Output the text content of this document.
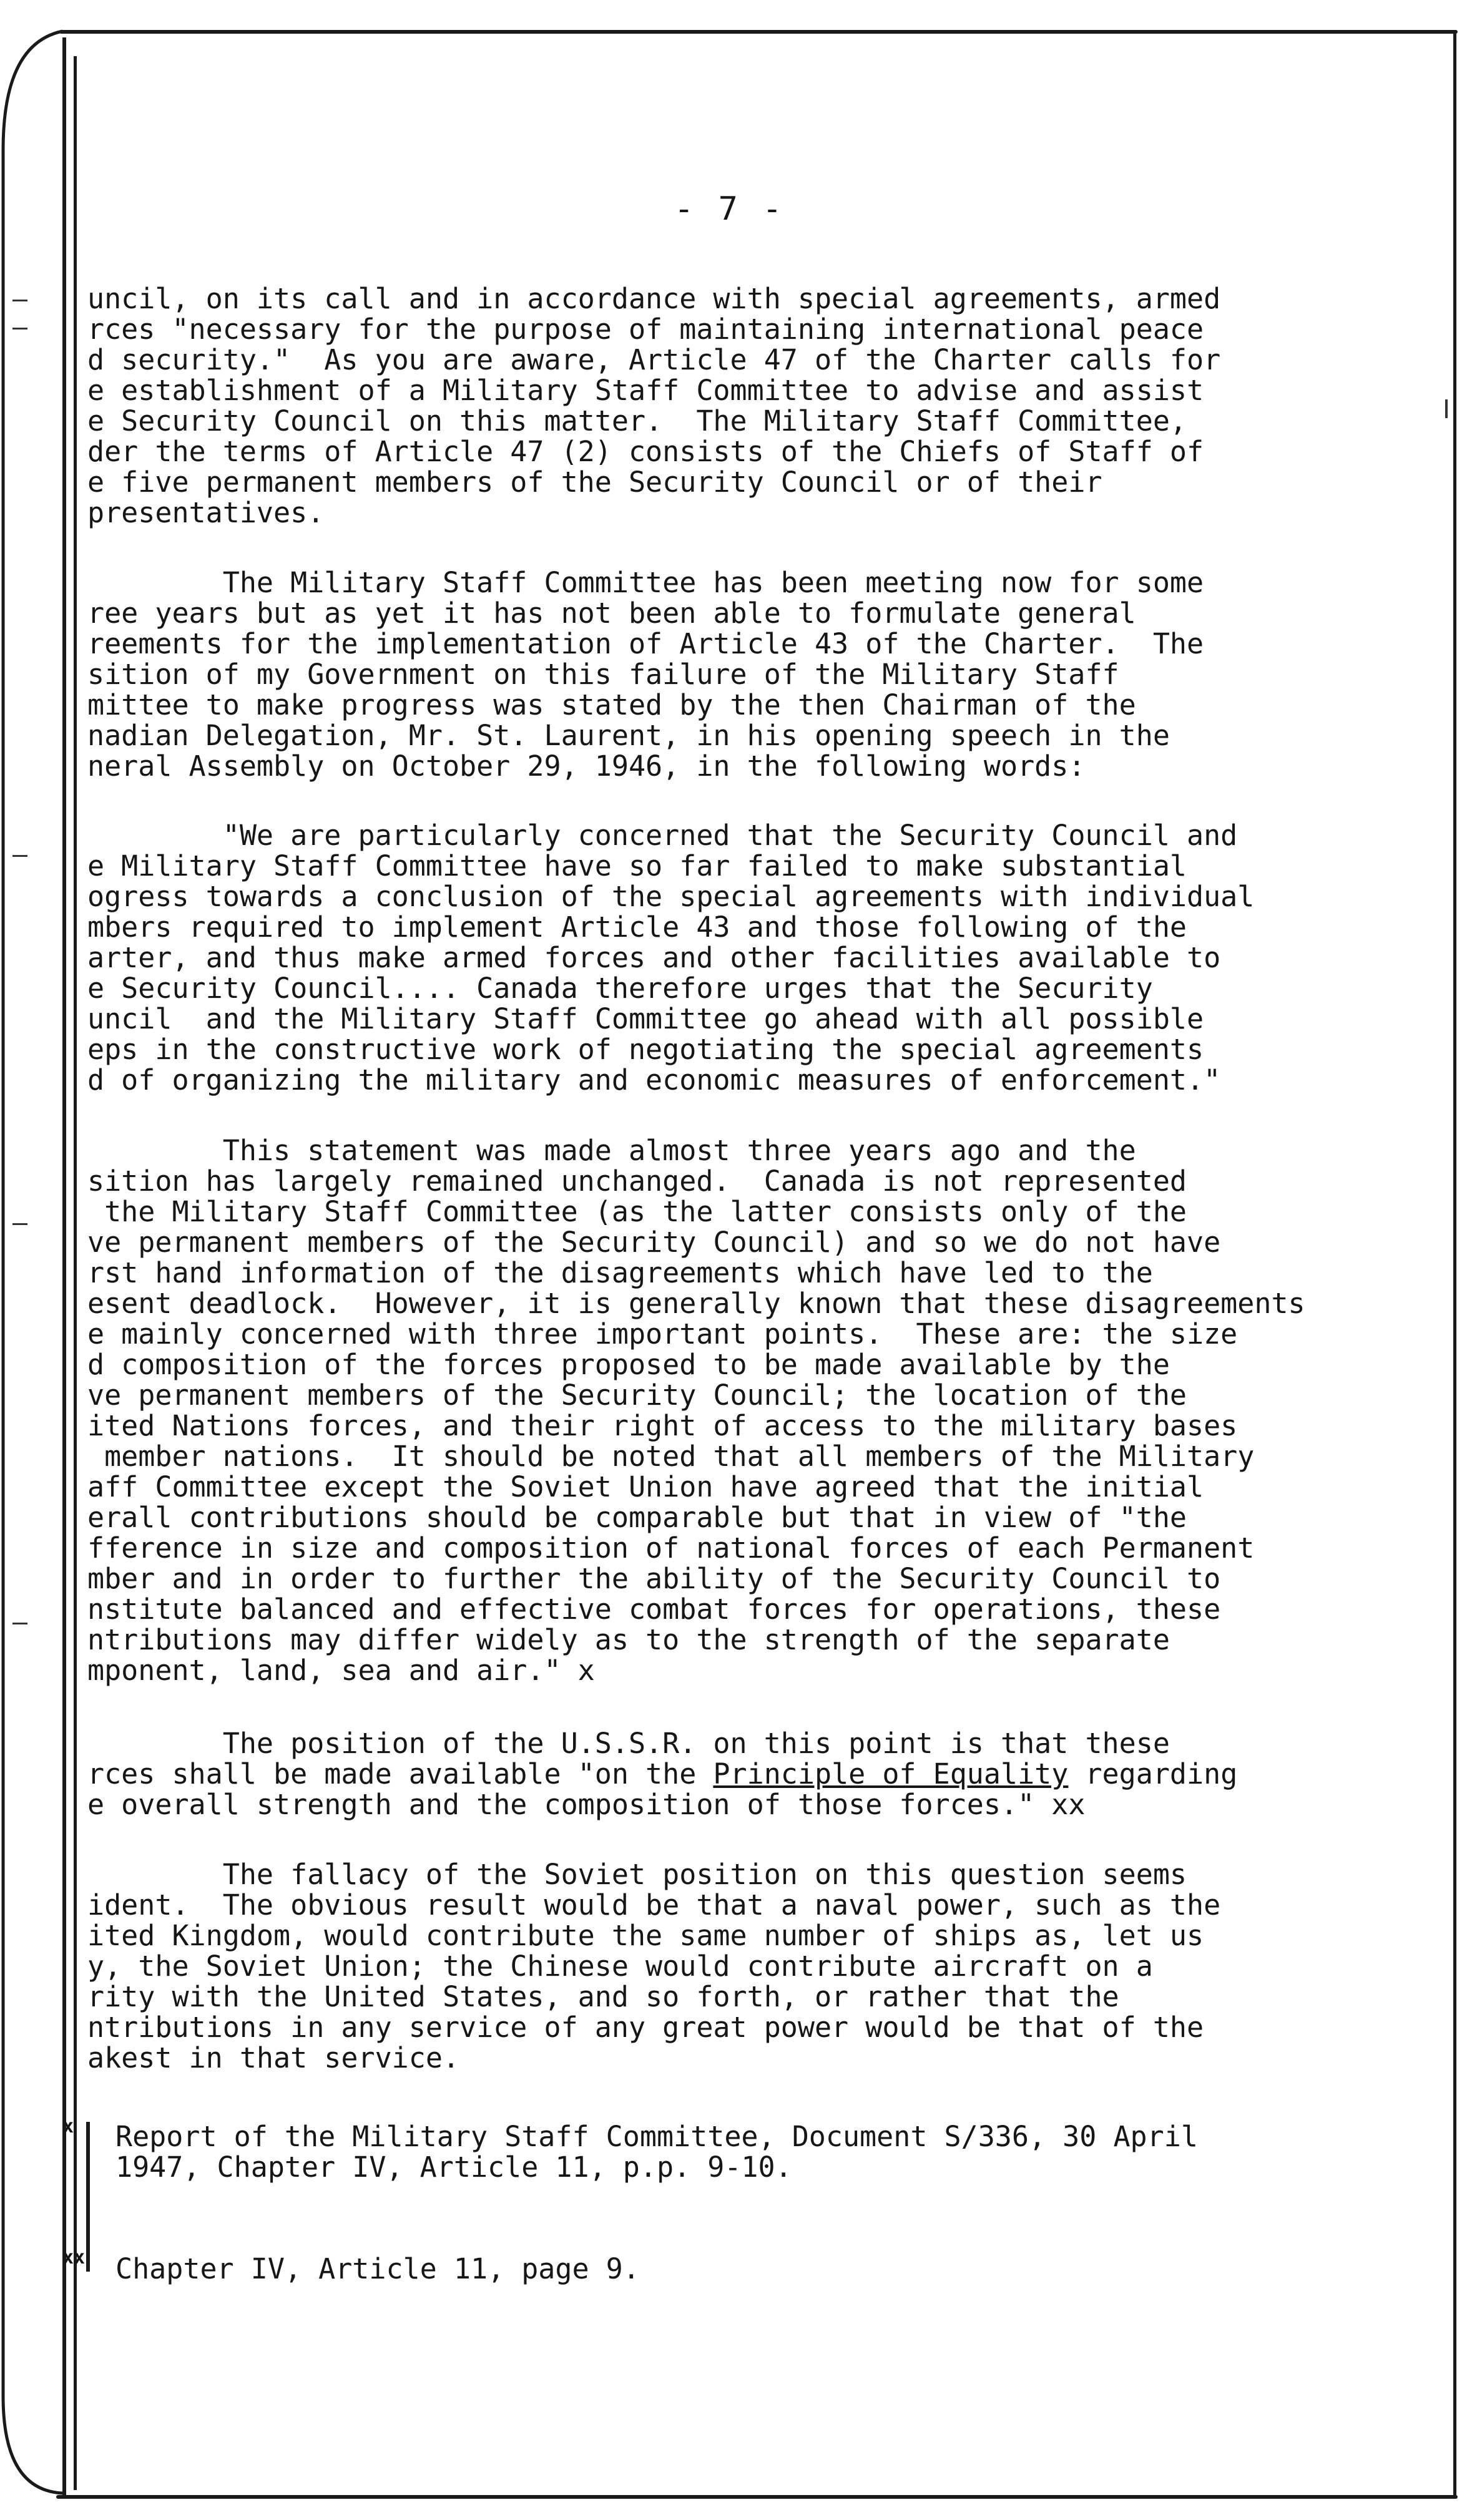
- 7 -
uncil, on its call and in accordance with special agreements, armed
rces "necessary for the purpose of maintaining international peace
d security."  As you are aware, Article 47 of the Charter calls for
e establishment of a Military Staff Committee to advise and assist
e Security Council on this matter.  The Military Staff Committee,
der the terms of Article 47 (2) consists of the Chiefs of Staff of
e five permanent members of the Security Council or of their
presentatives.
The Military Staff Committee has been meeting now for some
ree years but as yet it has not been able to formulate general
reements for the implementation of Article 43 of the Charter.  The
sition of my Government on this failure of the Military Staff
mittee to make progress was stated by the then Chairman of the
nadian Delegation, Mr. St. Laurent, in his opening speech in the
neral Assembly on October 29, 1946, in the following words:
"We are particularly concerned that the Security Council and
e Military Staff Committee have so far failed to make substantial
ogress towards a conclusion of the special agreements with individual
mbers required to implement Article 43 and those following of the
arter, and thus make armed forces and other facilities available to
e Security Council.... Canada therefore urges that the Security
uncil  and the Military Staff Committee go ahead with all possible
eps in the constructive work of negotiating the special agreements
d of organizing the military and economic measures of enforcement."
This statement was made almost three years ago and the
sition has largely remained unchanged.  Canada is not represented
the Military Staff Committee (as the latter consists only of the
ve permanent members of the Security Council) and so we do not have
rst hand information of the disagreements which have led to the
esent deadlock.  However, it is generally known that these disagreements
e mainly concerned with three important points.  These are: the size
d composition of the forces proposed to be made available by the
ve permanent members of the Security Council; the location of the
ited Nations forces, and their right of access to the military bases
member nations.  It should be noted that all members of the Military
aff Committee except the Soviet Union have agreed that the initial
erall contributions should be comparable but that in view of "the
fference in size and composition of national forces of each Permanent
mber and in order to further the ability of the Security Council to
nstitute balanced and effective combat forces for operations, these
ntributions may differ widely as to the strength of the separate
mponent, land, sea and air." x
The position of the U.S.S.R. on this point is that these
rces shall be made available "on the Principle of Equality regarding
e overall strength and the composition of those forces." xx
The fallacy of the Soviet position on this question seems
ident.  The obvious result would be that a naval power, such as the
ited Kingdom, would contribute the same number of ships as, let us
y, the Soviet Union; the Chinese would contribute aircraft on a
rity with the United States, and so forth, or rather that the
ntributions in any service of any great power would be that of the
akest in that service.
x Report of the Military Staff Committee, Document S/336, 30 April
1947, Chapter IV, Article 11, p.p. 9-10.
xx Chapter IV, Article 11, page 9.
